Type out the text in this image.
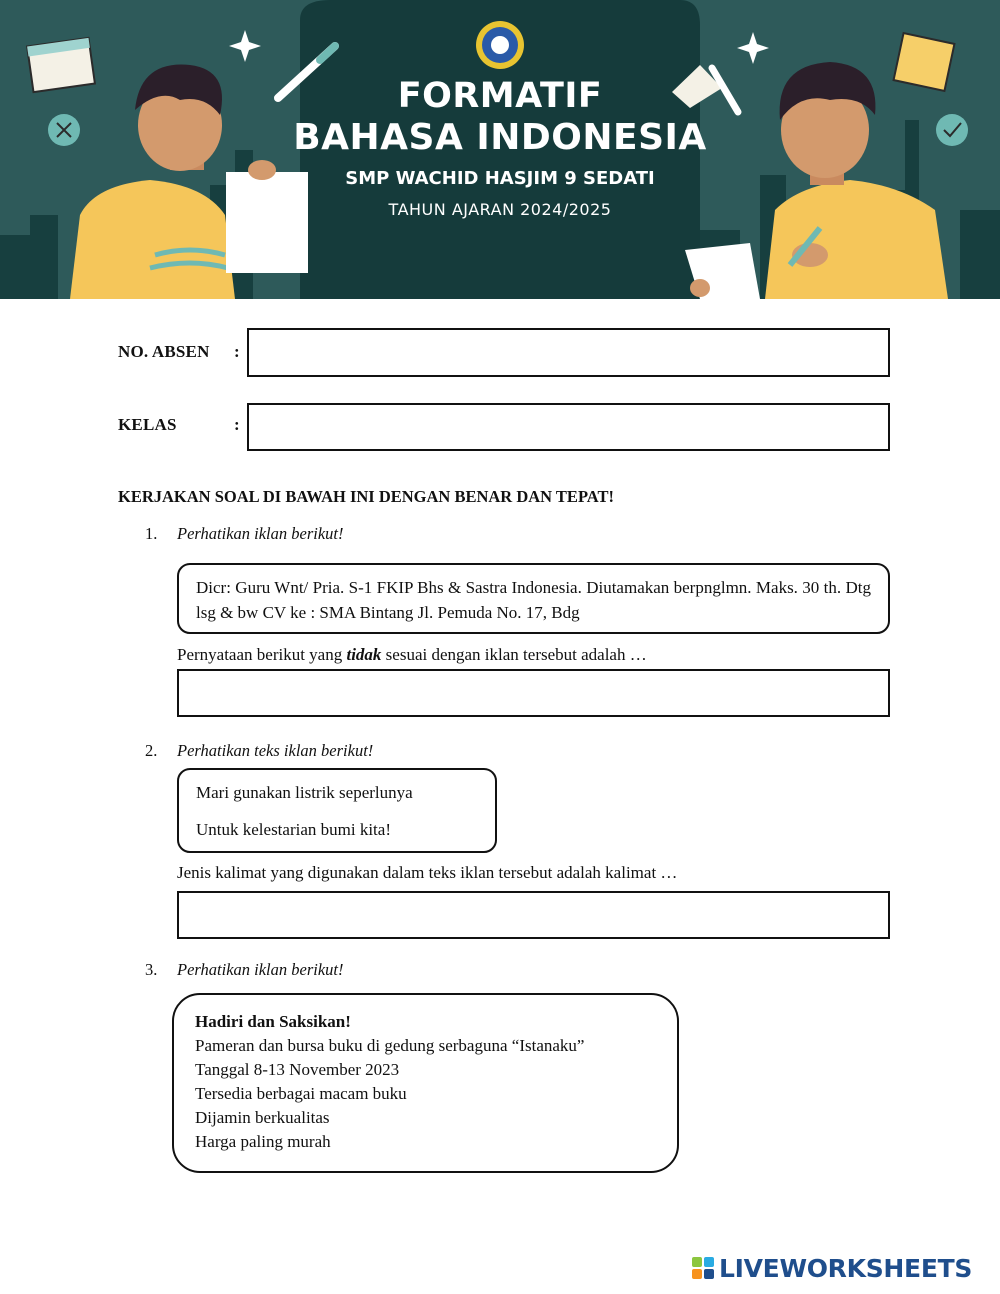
FORMATIF
BAHASA INDONESIA
SMP WACHID HASJIM 9 SEDATI
TAHUN AJARAN 2024/2025
NO. ABSEN :
KELAS	:
KERJAKAN SOAL DI BAWAH INI DENGAN BENAR DAN TEPAT!
1. Perhatikan iklan berikut!
Dicr: Guru Wnt/ Pria. S-1 FKIP Bhs & Sastra Indonesia. Diutamakan berpnglmn. Maks. 30 th. Dtg lsg & bw CV ke : SMA Bintang Jl. Pemuda No. 17, Bdg
Pernyataan berikut yang tidak sesuai dengan iklan tersebut adalah …
2. Perhatikan teks iklan berikut!
Mari gunakan listrik seperlunya
Untuk kelestarian bumi kita!
Jenis kalimat yang digunakan dalam teks iklan tersebut adalah kalimat …
3. Perhatikan iklan berikut!
Hadiri dan Saksikan!
Pameran dan bursa buku di gedung serbaguna “Istanaku”
Tanggal 8-13 November 2023
Tersedia berbagai macam buku
Dijamin berkualitas
Harga paling murah
LIVEWORKSHEETS
